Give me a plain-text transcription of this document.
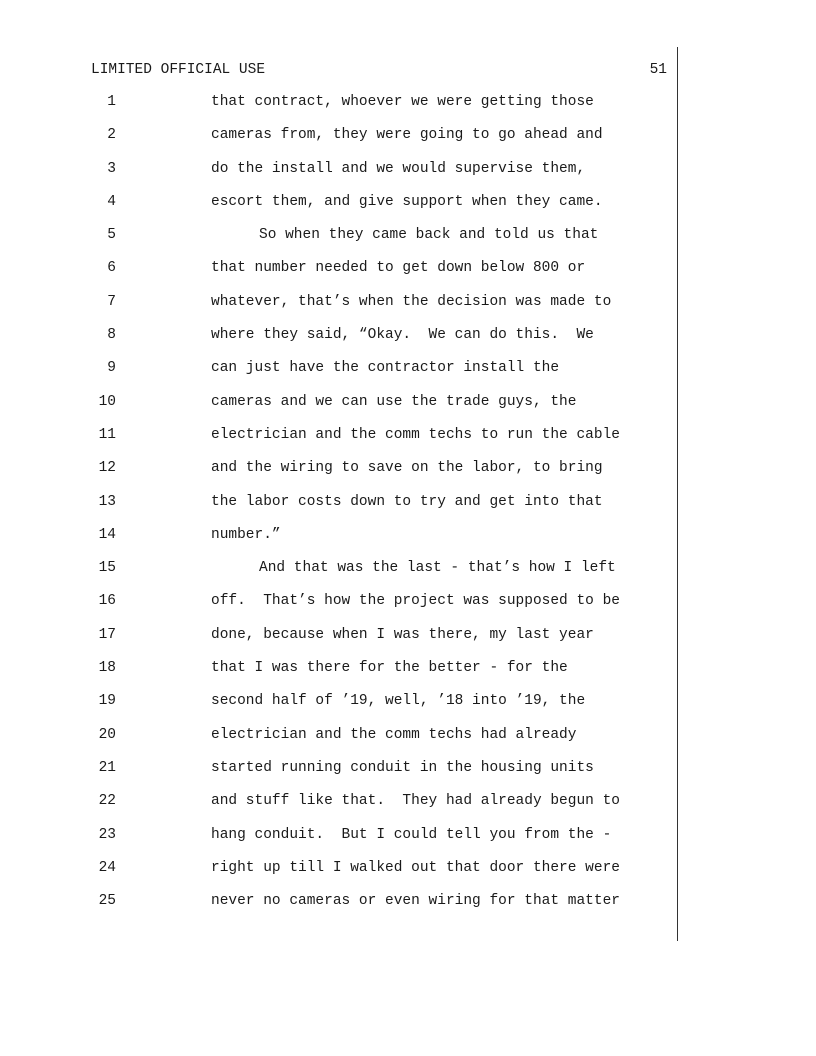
LIMITED OFFICIAL USE	51
1	that contract, whoever we were getting those
2	cameras from, they were going to go ahead and
3	do the install and we would supervise them,
4	escort them, and give support when they came.
5	So when they came back and told us that
6	that number needed to get down below 800 or
7	whatever, that’s when the decision was made to
8	where they said, “Okay.  We can do this.  We
9	can just have the contractor install the
10	cameras and we can use the trade guys, the
11	electrician and the comm techs to run the cable
12	and the wiring to save on the labor, to bring
13	the labor costs down to try and get into that
14	number.”
15	And that was the last - that’s how I left
16	off.  That’s how the project was supposed to be
17	done, because when I was there, my last year
18	that I was there for the better - for the
19	second half of ’19, well, ’18 into ’19, the
20	electrician and the comm techs had already
21	started running conduit in the housing units
22	and stuff like that.  They had already begun to
23	hang conduit.  But I could tell you from the -
24	right up till I walked out that door there were
25	never no cameras or even wiring for that matter
